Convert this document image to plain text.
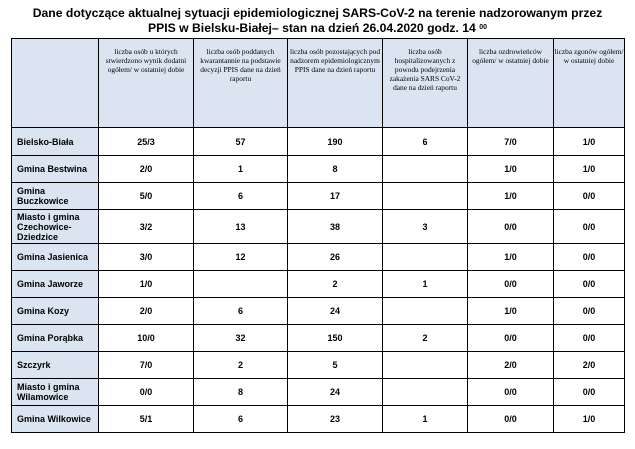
Dane dotyczące aktualnej sytuacji epidemiologicznej SARS-CoV-2 na terenie nadzorowanym przez
PPIS w Bielsku-Białej– stan na dzień 26.04.2020 godz. 14 $^{00}$
	liczba osób u których stwierdzono wynik dodatni ogółem/ w ostatniej dobie	liczba osób poddanych kwarantannie na podstawie decyzji PPIS dane na dzień raportu	liczba osób pozostających pod nadzorem epidemiologicznym PPIS dane na dzień raportu	liczba osób hospitalizowanych z powodu podejrzenia zakażenia SARS CoV-2 dane na dzień raportu	liczba ozdrowieńców ogółem/ w ostatniej dobie	liczba zgonów ogółem/ w ostatniej dobie
Bielsko-Biała	25/3	57	190	6	7/0	1/0
Gmina Bestwina	2/0	1	8		1/0	1/0
Gmina Buczkowice	5/0	6	17		1/0	0/0
Miasto i gmina Czechowice-Dziedzice	3/2	13	38	3	0/0	0/0
Gmina Jasienica	3/0	12	26		1/0	0/0
Gmina Jaworze	1/0		2	1	0/0	0/0
Gmina Kozy	2/0	6	24		1/0	0/0
Gmina Porąbka	10/0	32	150	2	0/0	0/0
Szczyrk	7/0	2	5		2/0	2/0
Miasto i gmina Wilamowice	0/0	8	24		0/0	0/0
Gmina Wilkowice	5/1	6	23	1	0/0	1/0
